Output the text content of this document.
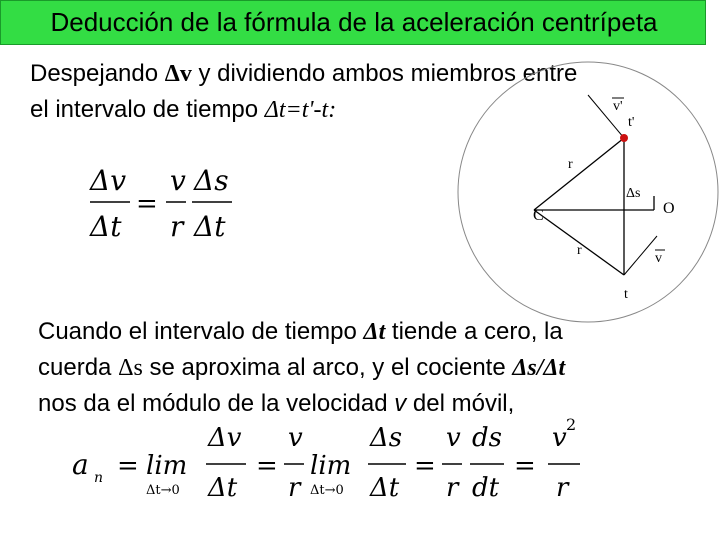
Deducción de la fórmula de la aceleración centrípeta
Despejando Δv y dividiendo ambos miembros entre
el intervalo de tiempo Δt=t'-t:
Cuando el intervalo de tiempo Δt tiende a cero, la
cuerda Δs se aproxima al arco, y el cociente Δs/Δt
nos da el módulo de la velocidad v del móvil,
v'
t'
r
Δs
O
C
r
v
t
Δv
Δt
=
v
r
Δs
Δt
a n = lim
Δt→0
Δv
Δt
=
v
r
lim
Δt→0
Δs
Δt
=
v
r
ds
dt
=
v 2
r
